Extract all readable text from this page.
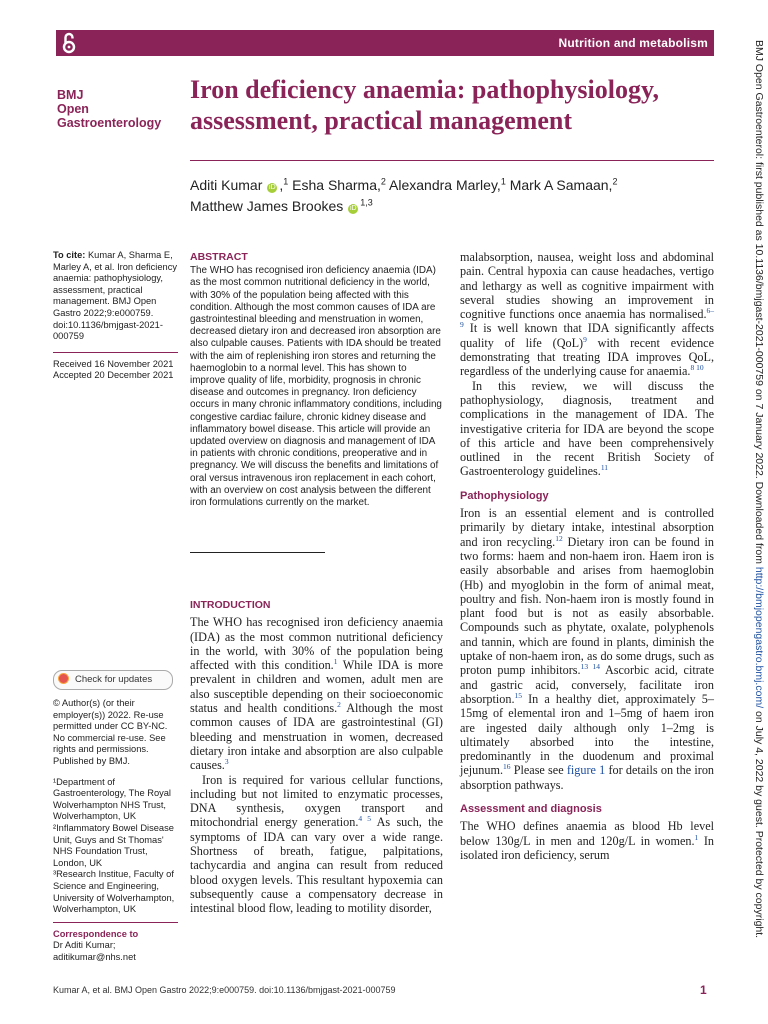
Nutrition and metabolism
BMJ
Open
Gastroenterology
Iron deficiency anaemia: pathophysiology, assessment, practical management
Aditi Kumar iD ,$^1$ Esha Sharma,$^2$ Alexandra Marley,$^1$ Mark A Samaan,$^2$
Matthew James Brookes iD$^{1,3}$

To cite: Kumar A, Sharma E, Marley A, et al. Iron deficiency anaemia: pathophysiology, assessment, practical management. BMJ Open Gastro 2022;9:e000759. doi:10.1136/bmjgast-2021-000759

Received 16 November 2021
Accepted 20 December 2021

Check for updates

© Author(s) (or their employer(s)) 2022. Re-use permitted under CC BY-NC. No commercial re-use. See rights and permissions. Published by BMJ.

¹Department of Gastroenterology, The Royal Wolverhampton NHS Trust, Wolverhampton, UK

²Inflammatory Bowel Disease Unit, Guys and St Thomas' NHS Foundation Trust, London, UK

³Research Institue, Faculty of Science and Engineering, University of Wolverhampton, Wolverhampton, UK

Correspondence to
Dr Aditi Kumar;
aditikumar@nhs.net

ABSTRACT
The WHO has recognised iron deficiency anaemia (IDA) as the most common nutritional deficiency in the world, with 30% of the population being affected with this condition. Although the most common causes of IDA are gastrointestinal bleeding and menstruation in women, decreased dietary iron and decreased iron absorption are also culpable causes. Patients with IDA should be treated with the aim of replenishing iron stores and returning the haemoglobin to a normal level. This has shown to improve quality of life, morbidity, prognosis in chronic disease and outcomes in pregnancy. Iron deficiency occurs in many chronic inflammatory conditions, including congestive cardiac failure, chronic kidney disease and inflammatory bowel disease. This article will provide an updated overview on diagnosis and management of IDA in patients with chronic conditions, preoperative and in pregnancy. We will discuss the benefits and limitations of oral versus intravenous iron replacement in each cohort, with an overview on cost analysis between the different iron formulations currently on the market.
INTRODUCTION

The WHO has recognised iron deficiency anaemia (IDA) as the most common nutritional deficiency in the world, with 30% of the population being affected with this condition.$^1$ While IDA is more prevalent in children and women, adult men are also susceptible depending on their socioeconomic status and health conditions.$^2$ Although the most common causes of IDA are gastrointestinal (GI) bleeding and menstruation in women, decreased dietary iron intake and absorption are also culpable causes.$^3$

Iron is required for various cellular functions, including but not limited to enzymatic processes, DNA synthesis, oxygen transport and mitochondrial energy generation.$^{4 5}$ As such, the symptoms of IDA can vary over a wide range. Shortness of breath, fatigue, palpitations, tachycardia and angina can result from reduced blood oxygen levels. This resultant hypoxemia can subsequently cause a compensatory decrease in intestinal blood flow, leading to motility disorder,

malabsorption, nausea, weight loss and abdominal pain. Central hypoxia can cause headaches, vertigo and lethargy as well as cognitive impairment with several studies showing an improvement in cognitive functions once anaemia has normalised.$^{6-9}$ It is well known that IDA significantly affects quality of life (QoL)$^9$ with recent evidence demonstrating that treating IDA improves QoL, regardless of the underlying cause for anaemia.$^{8 10}$

In this review, we will discuss the pathophysiology, diagnosis, treatment and complications in the management of IDA. The investigative criteria for IDA are beyond the scope of this article and have been comprehensively outlined in the recent British Society of Gastroenterology guidelines.$^{11}$

Pathophysiology

Iron is an essential element and is controlled primarily by dietary intake, intestinal absorption and iron recycling.$^{12}$ Dietary iron can be found in two forms: haem and non-haem iron. Haem iron is easily absorbable and arises from haemoglobin (Hb) and myoglobin in the form of animal meat, poultry and fish. Non-haem iron is mostly found in plant food but is not as easily absorbable. Compounds such as phytate, oxalate, polyphenols and tannin, which are found in plants, diminish the uptake of non-haem iron, as do some drugs, such as proton pump inhibitors.$^{13 14}$ Ascorbic acid, citrate and gastric acid, conversely, facilitate iron absorption.$^{15}$ In a healthy diet, approximately 5–15mg of elemental iron and 1–5mg of haem iron are ingested daily although only 1–2mg is ultimately absorbed into the intestine, predominantly in the duodenum and proximal jejunum.$^{16}$ Please see figure 1 for details on the iron absorption pathways.

Assessment and diagnosis

The WHO defines anaemia as blood Hb level below 130g/L in men and 120g/L in women.$^1$ In isolated iron deficiency, serum

Kumar A, et al. BMJ Open Gastro 2022;9:e000759. doi:10.1136/bmjgast-2021-000759	1
BMJ Open Gastroenterol: first published as 10.1136/bmjgast-2021-000759 on 7 January 2022. Downloaded from http://bmjopengastro.bmj.com/ on July 4, 2022 by guest. Protected by copyright.
